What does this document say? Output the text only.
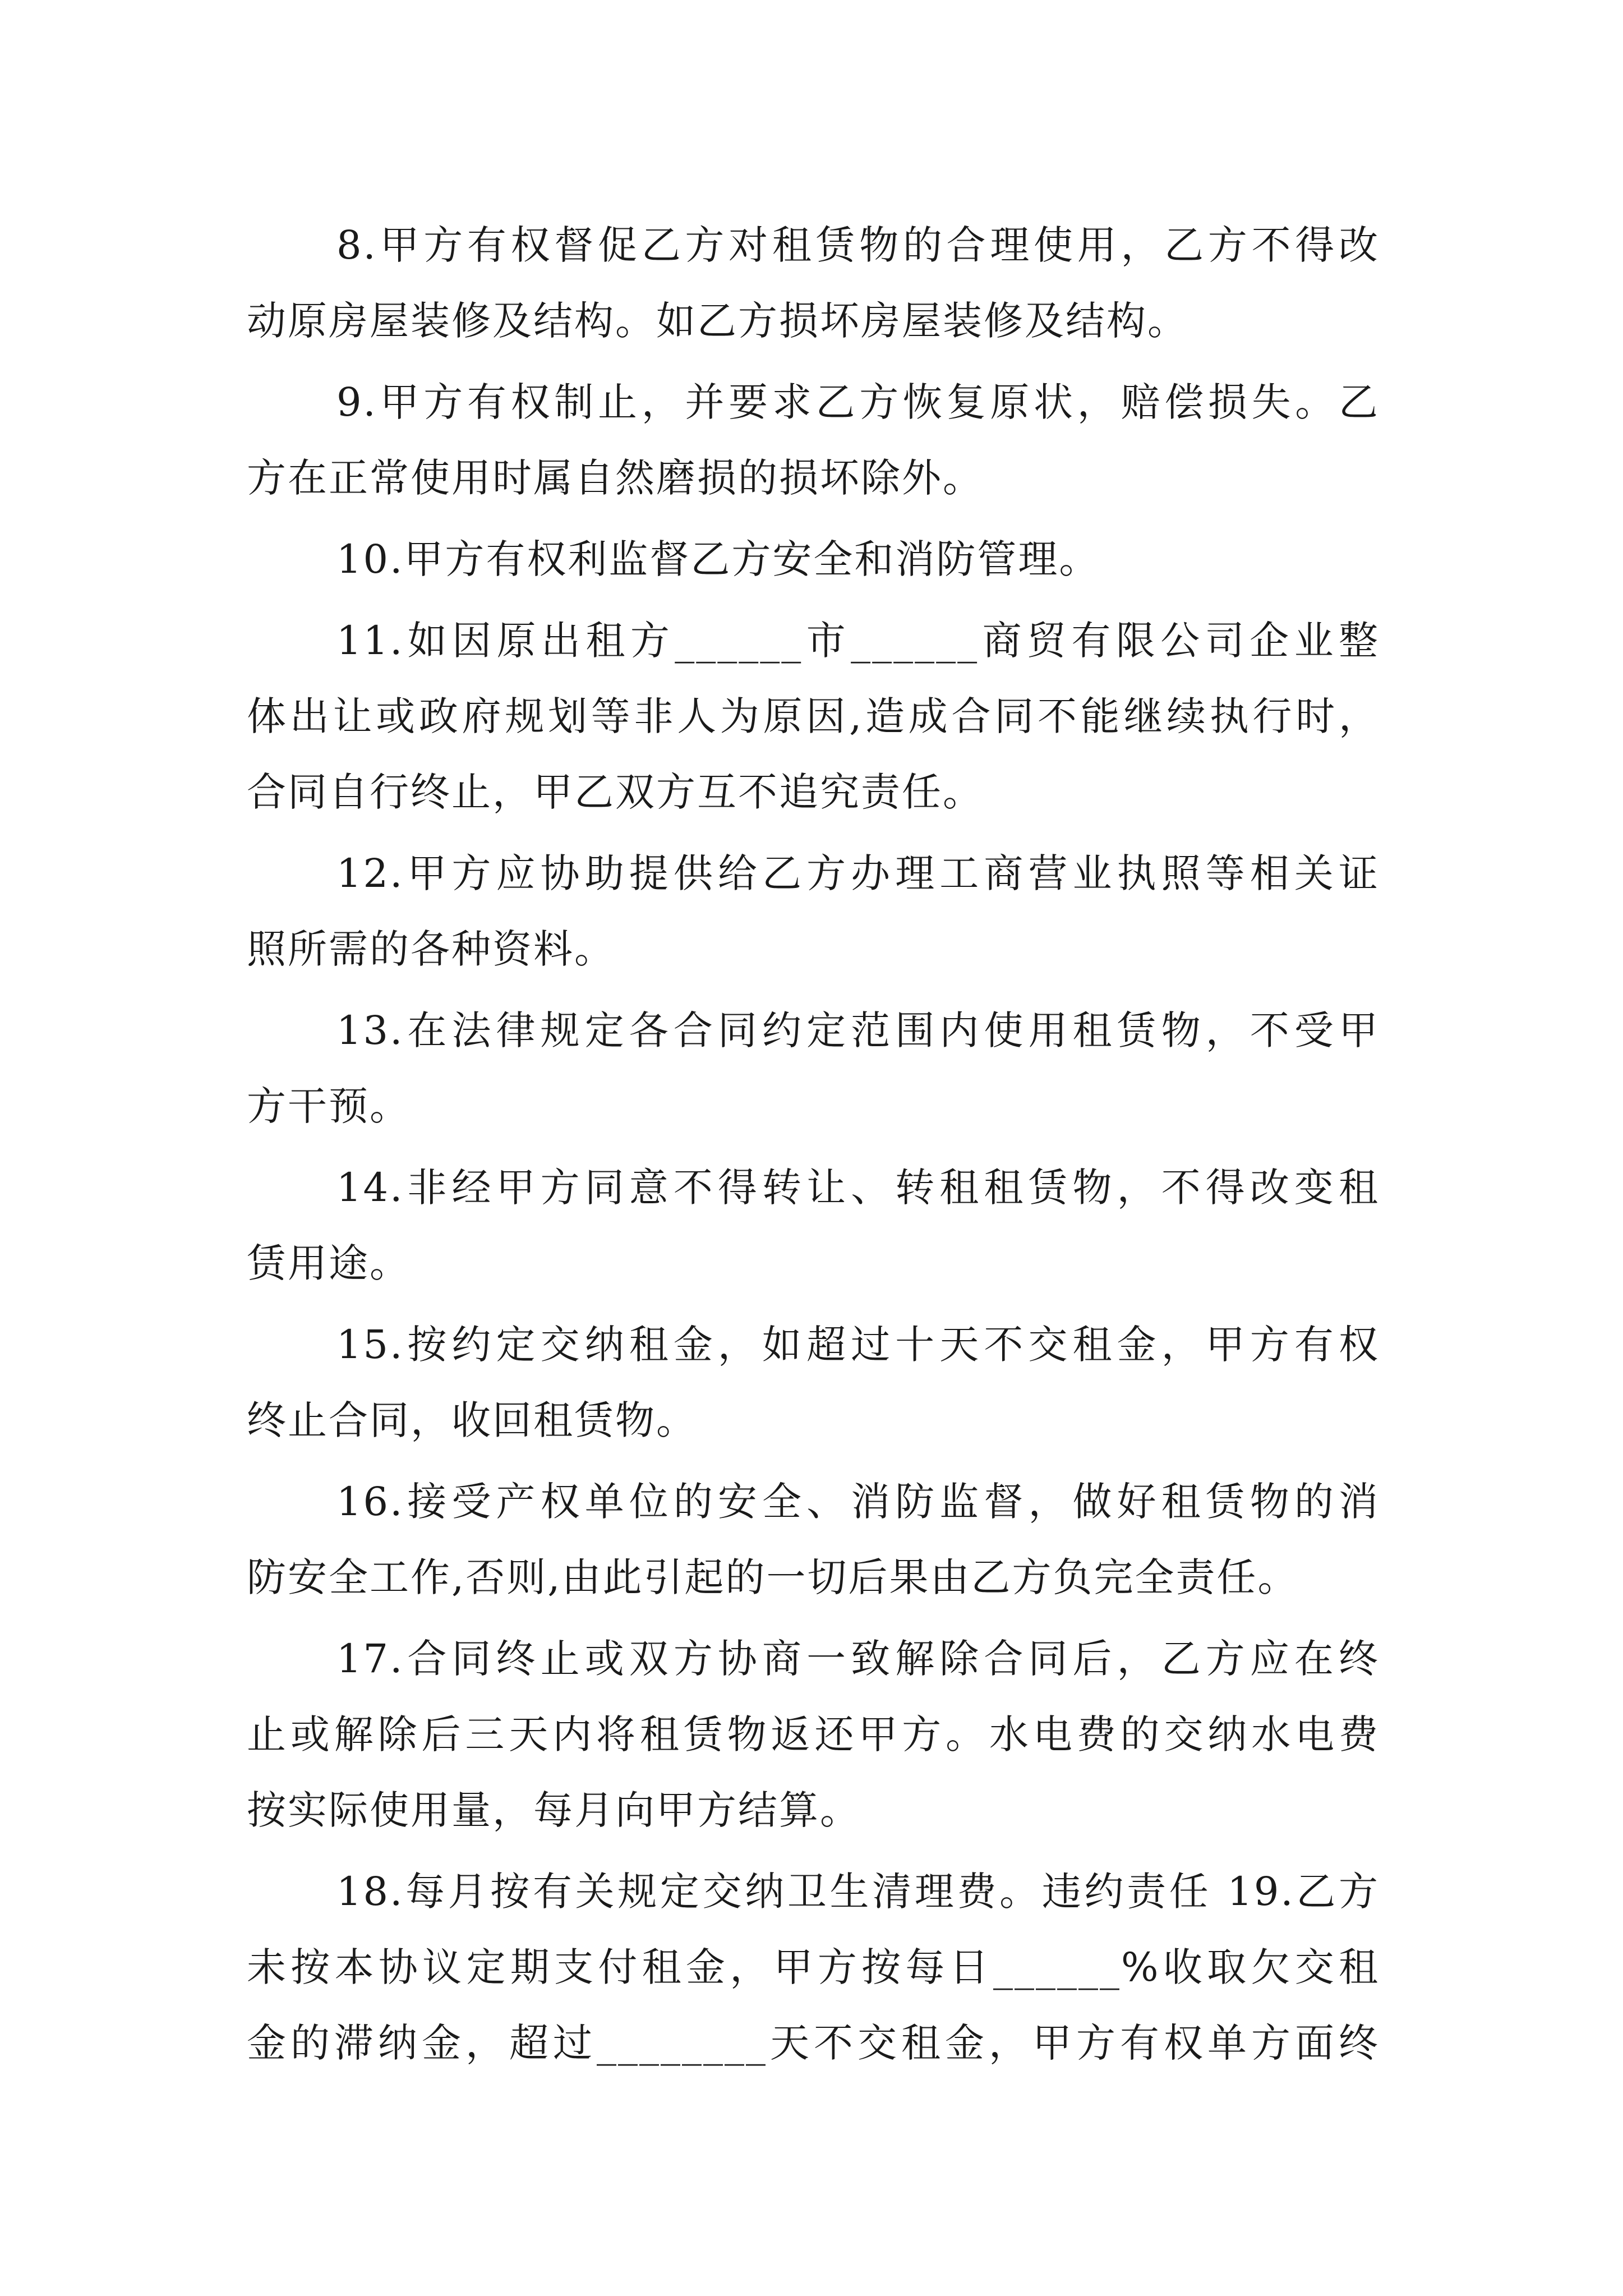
8.甲方有权督促乙方对租赁物的合理使用，乙方不得改
动原房屋装修及结构。如乙方损坏房屋装修及结构。

9.甲方有权制止，并要求乙方恢复原状，赔偿损失。乙
方在正常使用时属自然磨损的损坏除外。

10.甲方有权利监督乙方安全和消防管理。

11.如因原出租方______市______商贸有限公司企业整
体出让或政府规划等非人为原因,造成合同不能继续执行时，
合同自行终止，甲乙双方互不追究责任。

12.甲方应协助提供给乙方办理工商营业执照等相关证
照所需的各种资料。

13.在法律规定各合同约定范围内使用租赁物，不受甲
方干预。

14.非经甲方同意不得转让、转租租赁物，不得改变租
赁用途。

15.按约定交纳租金，如超过十天不交租金，甲方有权
终止合同，收回租赁物。

16.接受产权单位的安全、消防监督，做好租赁物的消
防安全工作,否则,由此引起的一切后果由乙方负完全责任。

17.合同终止或双方协商一致解除合同后，乙方应在终
止或解除后三天内将租赁物返还甲方。水电费的交纳水电费
按实际使用量，每月向甲方结算。

18.每月按有关规定交纳卫生清理费。违约责任 19.乙方
未按本协议定期支付租金，甲方按每日______%收取欠交租
金的滞纳金，超过________天不交租金，甲方有权单方面终
